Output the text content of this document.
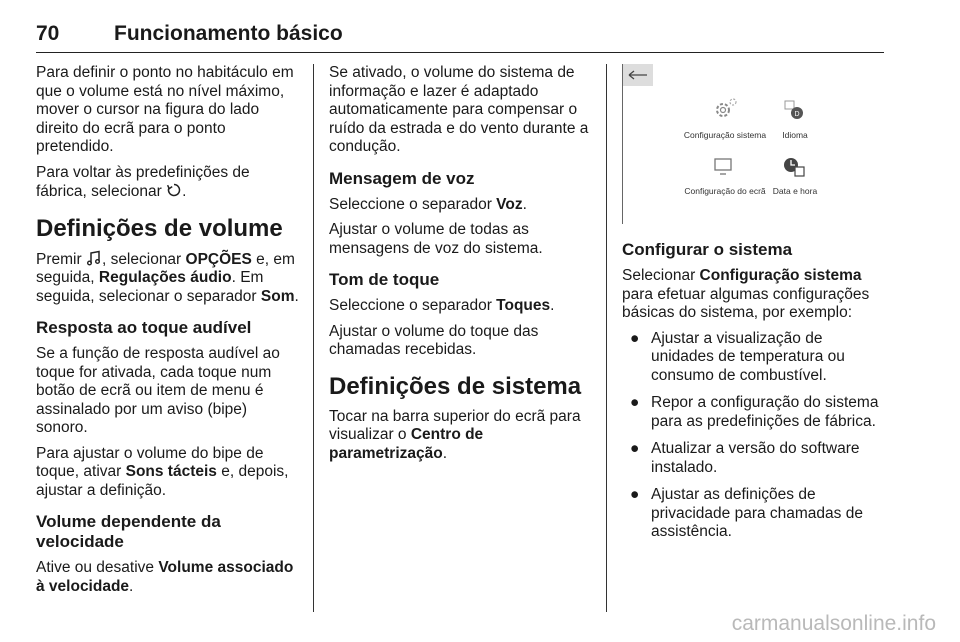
70	Funcionamento básico

Para definir o ponto no habitáculo em que o volume está no nível máximo, mover o cursor na figura do lado direito do ecrã para o ponto pretendido.

Para voltar às predefinições de fábrica, selecionar .

Definições de volume

Premir , selecionar OPÇÕES e, em seguida, Regulações áudio. Em seguida, selecionar o separador Som.

Resposta ao toque audível

Se a função de resposta audível ao toque for ativada, cada toque num botão de ecrã ou item de menu é assinalado por um aviso (bipe) sonoro.

Para ajustar o volume do bipe de toque, ativar Sons tácteis e, depois, ajustar a definição.

Volume dependente da velocidade

Ative ou desative Volume associado à velocidade.

Se ativado, o volume do sistema de informação e lazer é adaptado automaticamente para compensar o ruído da estrada e do vento durante a condução.

Mensagem de voz

Seleccione o separador Voz.

Ajustar o volume de todas as mensagens de voz do sistema.

Tom de toque

Seleccione o separador Toques.

Ajustar o volume do toque das chamadas recebidas.

Definições de sistema

Tocar na barra superior do ecrã para visualizar o Centro de parametrização.

Configuração sistema
D
Idioma
Configuração do ecrã Data e hora
Configurar o sistema

Selecionar Configuração sistema para efetuar algumas configurações básicas do sistema, por exemplo:

● Ajustar a visualização de unidades de temperatura ou consumo de combustível.
● Repor a configuração do sistema para as predefinições de fábrica.
● Atualizar a versão do software instalado.
● Ajustar as definições de privacidade para chamadas de assistência.
carmanualsonline.info
